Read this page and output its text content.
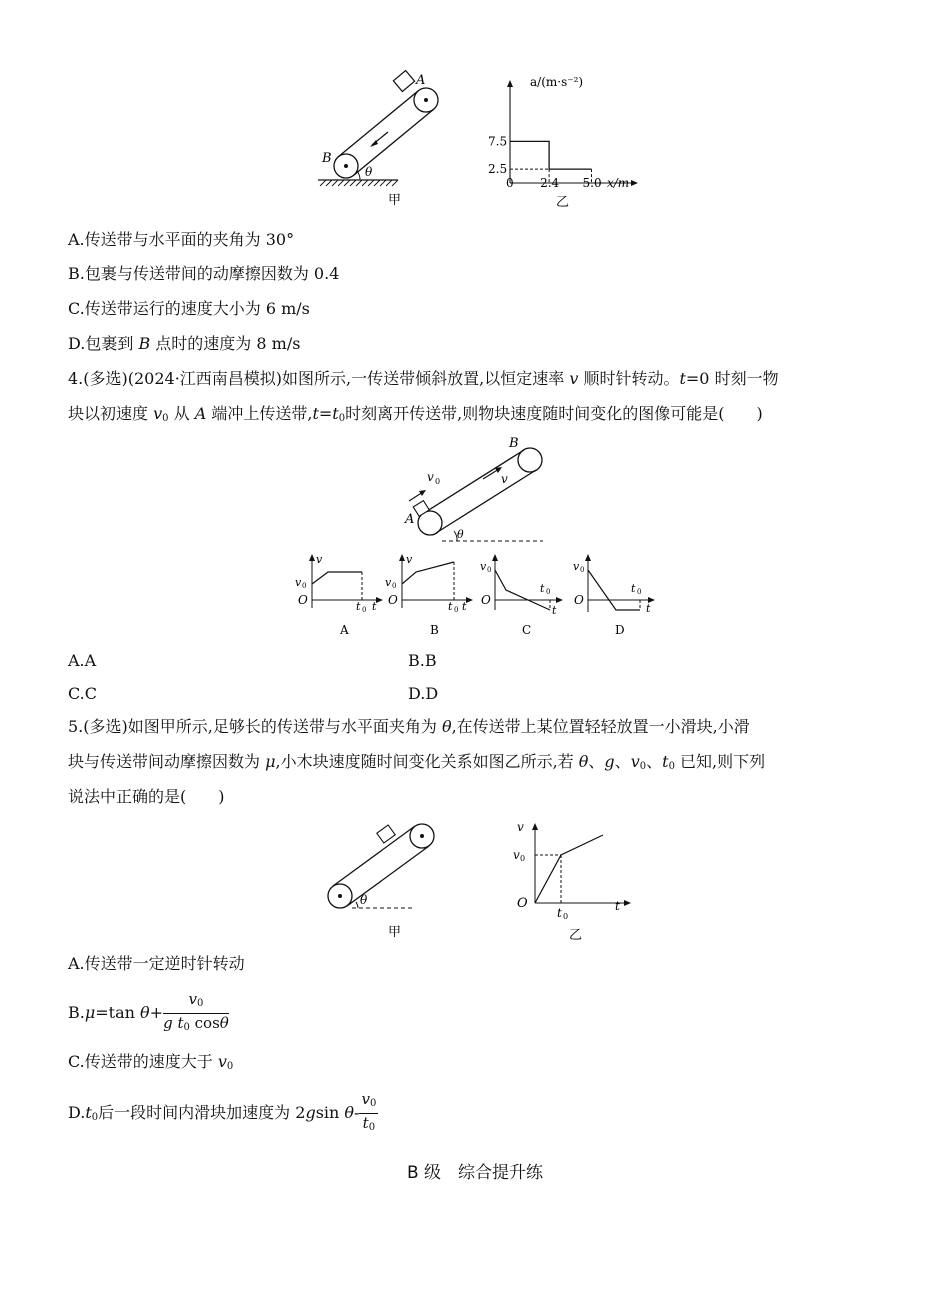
θ
B
A
甲
a/(m·s⁻²)
x/m
7.5
2.5
0 2.4 5.0
乙
A.传送带与水平面的夹角为 30°
B.包裹与传送带间的动摩擦因数为 0.4
C.传送带运行的速度大小为 6 m/s
D.包裹到 B 点时的速度为 8 m/s
4.(多选)(2024·江西南昌模拟)如图所示,一传送带倾斜放置,以恒定速率 v 顺时针转动。t=0 时刻一物
块以初速度 $v_0$ 从 A 端冲上传送带$,t=t_0$时刻离开传送带,则物块速度随时间变化的图像可能是(　　)
θ
v
v 0
A
B
v
v 0
O	t 0 t
A
v
v 0
O	t 0 t
B
v 0
O
t 0
t
C
v 0
O
t 0
t
D
A.A	B.B
C.C	D.D
5.(多选)如图甲所示,足够长的传送带与水平面夹角为 θ,在传送带上某位置轻轻放置一小滑块,小滑
块与传送带间动摩擦因数为 μ,小木块速度随时间变化关系如图乙所示,若 θ、g、$v_0$、$t_0$ 已知,则下列
说法中正确的是(　　)
θ
甲
v
v 0
O
t 0
t
乙
A.传送带一定逆时针转动
B.μ=tan $\theta+ \frac{v_0}{g t_0 \cos\theta}$
C.传送带的速度大于 $v_0$
$D.t_0$后一段时间内滑块加速度为 2gsin $\theta- \frac{v_0}{t_0}$
B 级　综合提升练
